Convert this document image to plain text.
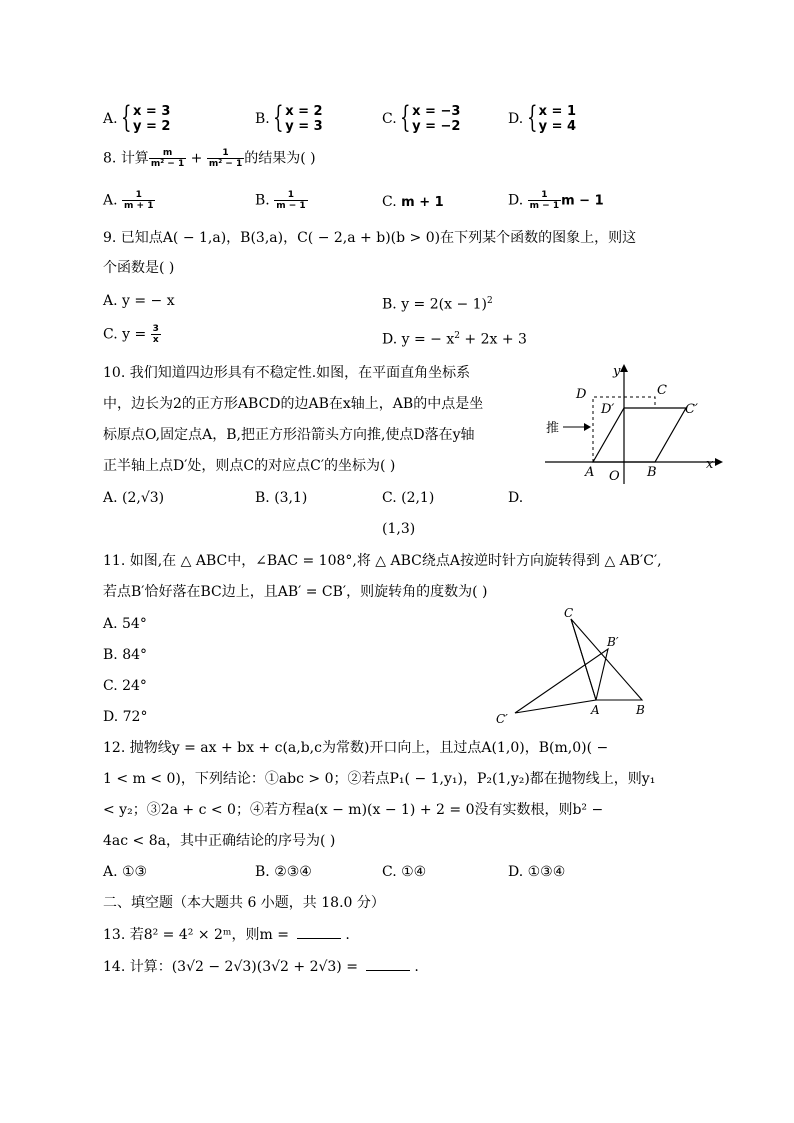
A. { x = 3
y = 2	B. { x = 2
y = 3	C. { x = −3
y = −2	D. { x = 1
y = 4
8. 计算 $\frac{m}{\text{m² − 1}} + \frac{1}{\text{m² − 1}}$ 的结果为( )
A. $\frac{1}{m + 1}$	B. $\frac{1}{m - 1}$	C. m + 1	D. $\frac{1}{m - 1}$ m − 1
9. 已知点A( − 1,a)，B(3,a)，C( − 2,a + b)(b > 0)在下列某个函数的图象上，则这
个函数是( )
A. y = − x	B. $y = 2(x - 1)^2$
C. $y = \frac{3}{x}$	D. y = − $x^2 + 2x + 3$
10. 我们知道四边形具有不稳定性.如图，在平面直角坐标系
中，边长为2的正方形ABCD的边AB在x轴上，AB的中点是坐
标原点O,固定点A，B,把正方形沿箭头方向推,使点D落在y轴
正半轴上点D′处，则点C的对应点C′的坐标为( )
A. (2,√3)	B. (3,1)	C. (2,1)	D.
(1,3)
y
x
D	C
D′	C′
推
A O B
11. 如图,在 △ ABC中，∠BAC = 108°,将 △ ABC绕点A按逆时针方向旋转得到 △ AB′C′,
若点B′恰好落在BC边上，且AB′ = CB′，则旋转角的度数为( )
A. 54°
B. 84°
C. 24°
D. 72°
C
B′
C′
A	B
12. 抛物线y = ax + bx + c(a,b,c为常数)开口向上，且过点A(1,0)，B(m,0)( −
1 < m < 0)，下列结论：①abc > 0；②若点P₁( − 1,y₁)，P₂(1,y₂)都在抛物线上，则y₁
< y₂；③2a + c < 0；④若方程a(x − m)(x − 1) + 2 = 0没有实数根，则b² −
4ac < 8a，其中正确结论的序号为( )
A. ①③	B. ②③④	C. ①④	D. ①③④
二、填空题（本大题共 6 小题，共 18.0 分）
13. 若8² = 4² × 2ᵐ，则m =	.
14. 计算：(3√2 − 2√3)(3√2 + 2√3) =	.
